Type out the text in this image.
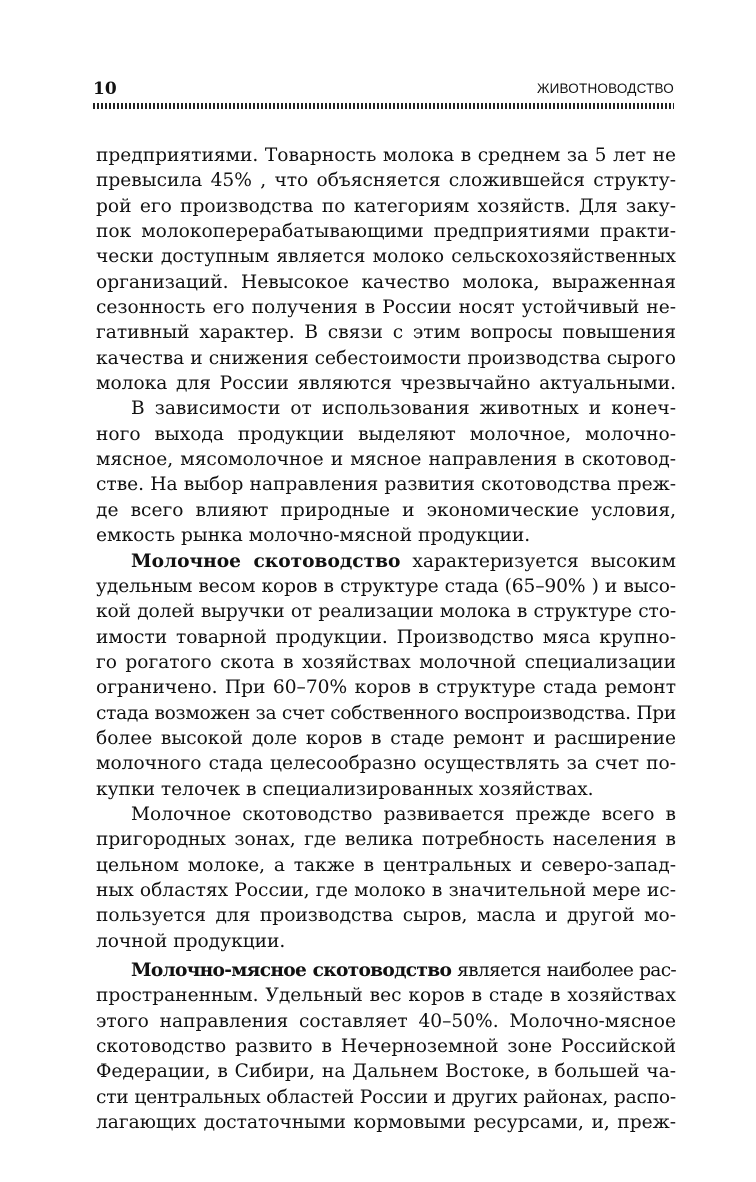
10	ЖИВОТНОВОДСТВО
предприятиями. Товарность молока в среднем за 5 лет не
превысила 45% , что объясняется сложившейся структу-
рой его производства по категориям хозяйств. Для заку-
пок молокоперерабатывающими предприятиями практи-
чески доступным является молоко сельскохозяйственных
организаций. Невысокое качество молока, выраженная
сезонность его получения в России носят устойчивый не-
гативный характер. В связи с этим вопросы повышения
качества и снижения себестоимости производства сырого
молока для России являются чрезвычайно актуальными.
В зависимости от использования животных и конеч-
ного выхода продукции выделяют молочное, молочно-
мясное, мясомолочное и мясное направления в скотовод-
стве. На выбор направления развития скотоводства преж-
де всего влияют природные и экономические условия,
емкость рынка молочно-мясной продукции.
Молочное скотоводство характеризуется высоким
удельным весом коров в структуре стада (65–90% ) и высо-
кой долей выручки от реализации молока в структуре сто-
имости товарной продукции. Производство мяса крупно-
го рогатого скота в хозяйствах молочной специализации
ограничено. При 60–70% коров в структуре стада ремонт
стада возможен за счет собственного воспроизводства. При
более высокой доле коров в стаде ремонт и расширение
молочного стада целесообразно осуществлять за счет по-
купки телочек в специализированных хозяйствах.
Молочное скотоводство развивается прежде всего в
пригородных зонах, где велика потребность населения в
цельном молоке, а также в центральных и северо-запад-
ных областях России, где молоко в значительной мере ис-
пользуется для производства сыров, масла и другой мо-
лочной продукции.
Молочно-мясное скотоводство является наиболее рас-
пространенным. Удельный вес коров в стаде в хозяйствах
этого направления составляет 40–50%. Молочно-мясное
скотоводство развито в Нечерноземной зоне Российской
Федерации, в Сибири, на Дальнем Востоке, в большей ча-
сти центральных областей России и других районах, распо-
лагающих достаточными кормовыми ресурсами, и, преж-
